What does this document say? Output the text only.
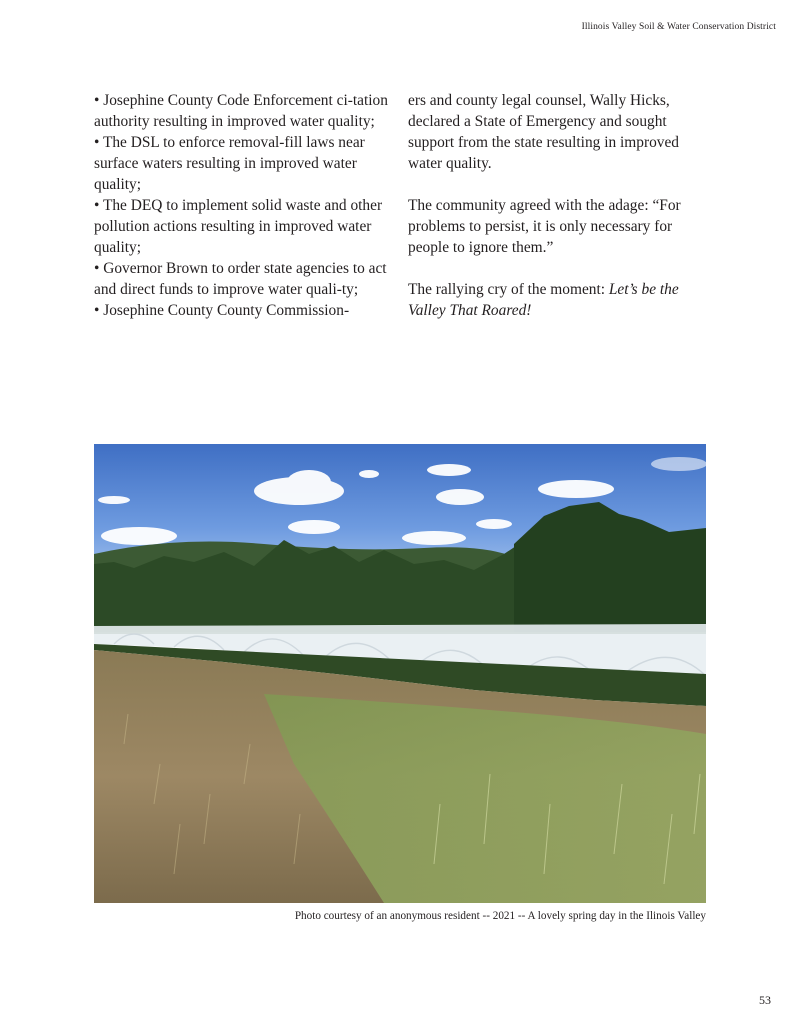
Illinois Valley Soil & Water Conservation District

• Josephine County Code Enforcement ci-tation authority resulting in improved water quality;

• The DSL to enforce removal-fill laws near surface waters resulting in improved water quality;

• The DEQ to implement solid waste and other pollution actions resulting in improved water quality;

• Governor Brown to order state agencies to act and direct funds to improve water quali-ty;

• Josephine County County Commission-

ers and county legal counsel, Wally Hicks, declared a State of Emergency and sought support from the state resulting in improved water quality.

The community agreed with the adage: “For problems to persist, it is only necessary for people to ignore them.”

The rallying cry of the moment: Let’s be the Valley That Roared!

Photo courtesy of an anonymous resident -- 2021 -- A lovely spring day in the Ilinois Valley
53
